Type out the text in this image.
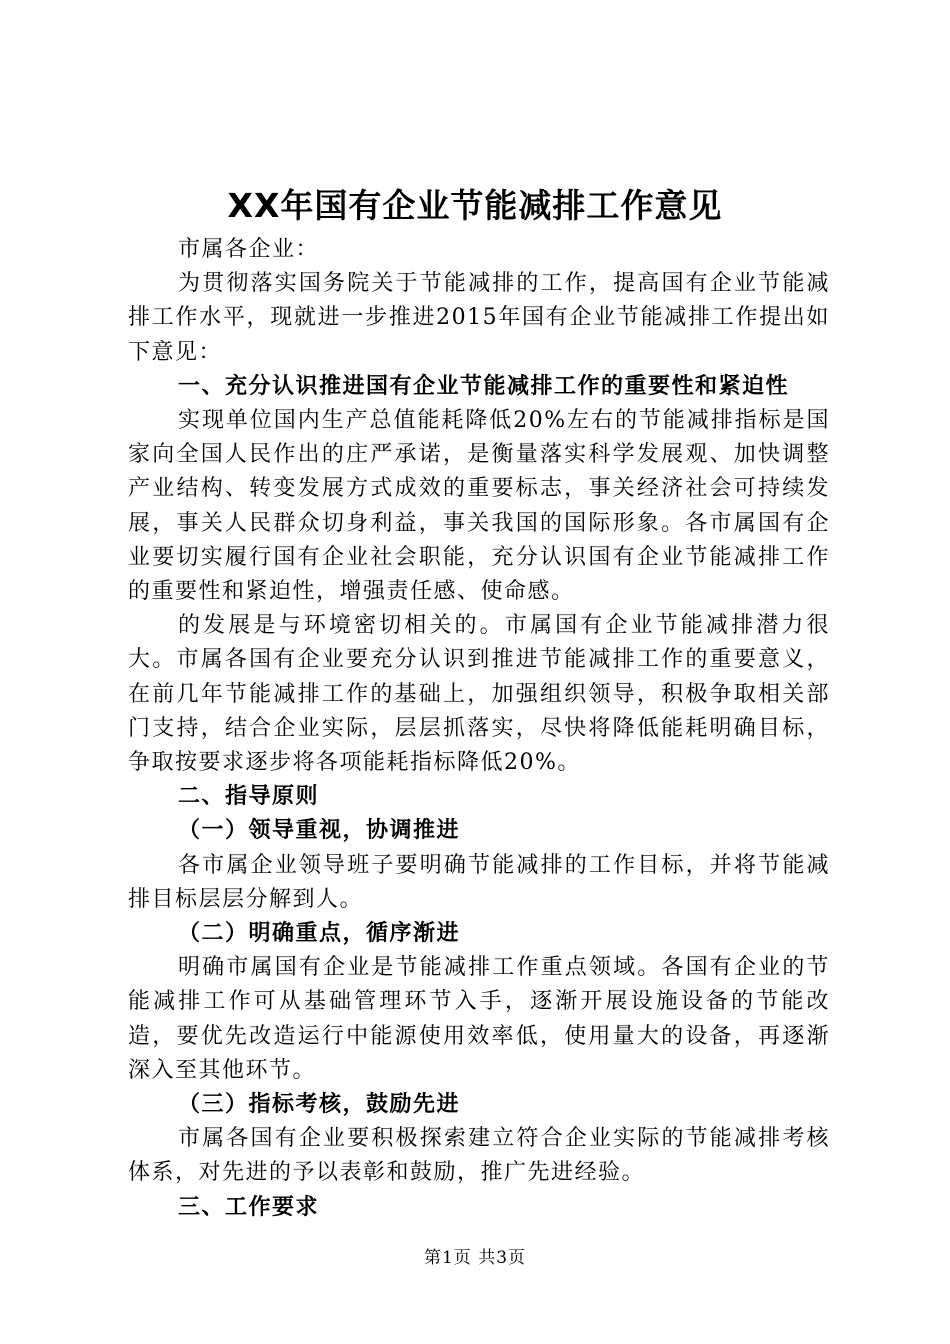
XX年国有企业节能减排工作意见

市属各企业：

为贯彻落实国务院关于节能减排的工作，提高国有企业节能减排工作水平，现就进一步推进2015年国有企业节能减排工作提出如下意见：

一、充分认识推进国有企业节能减排工作的重要性和紧迫性

实现单位国内生产总值能耗降低20%左右的节能减排指标是国家向全国人民作出的庄严承诺，是衡量落实科学发展观、加快调整产业结构、转变发展方式成效的重要标志，事关经济社会可持续发展，事关人民群众切身利益，事关我国的国际形象。各市属国有企业要切实履行国有企业社会职能，充分认识国有企业节能减排工作的重要性和紧迫性，增强责任感、使命感。

的发展是与环境密切相关的。市属国有企业节能减排潜力很大。市属各国有企业要充分认识到推进节能减排工作的重要意义，在前几年节能减排工作的基础上，加强组织领导，积极争取相关部门支持，结合企业实际，层层抓落实，尽快将降低能耗明确目标，争取按要求逐步将各项能耗指标降低20%。

二、指导原则

（一）领导重视，协调推进

各市属企业领导班子要明确节能减排的工作目标，并将节能减排目标层层分解到人。

（二）明确重点，循序渐进

明确市属国有企业是节能减排工作重点领域。各国有企业的节能减排工作可从基础管理环节入手，逐渐开展设施设备的节能改造，要优先改造运行中能源使用效率低，使用量大的设备，再逐渐深入至其他环节。

（三）指标考核，鼓励先进

市属各国有企业要积极探索建立符合企业实际的节能减排考核体系，对先进的予以表彰和鼓励，推广先进经验。

三、工作要求

第1页 共3页
